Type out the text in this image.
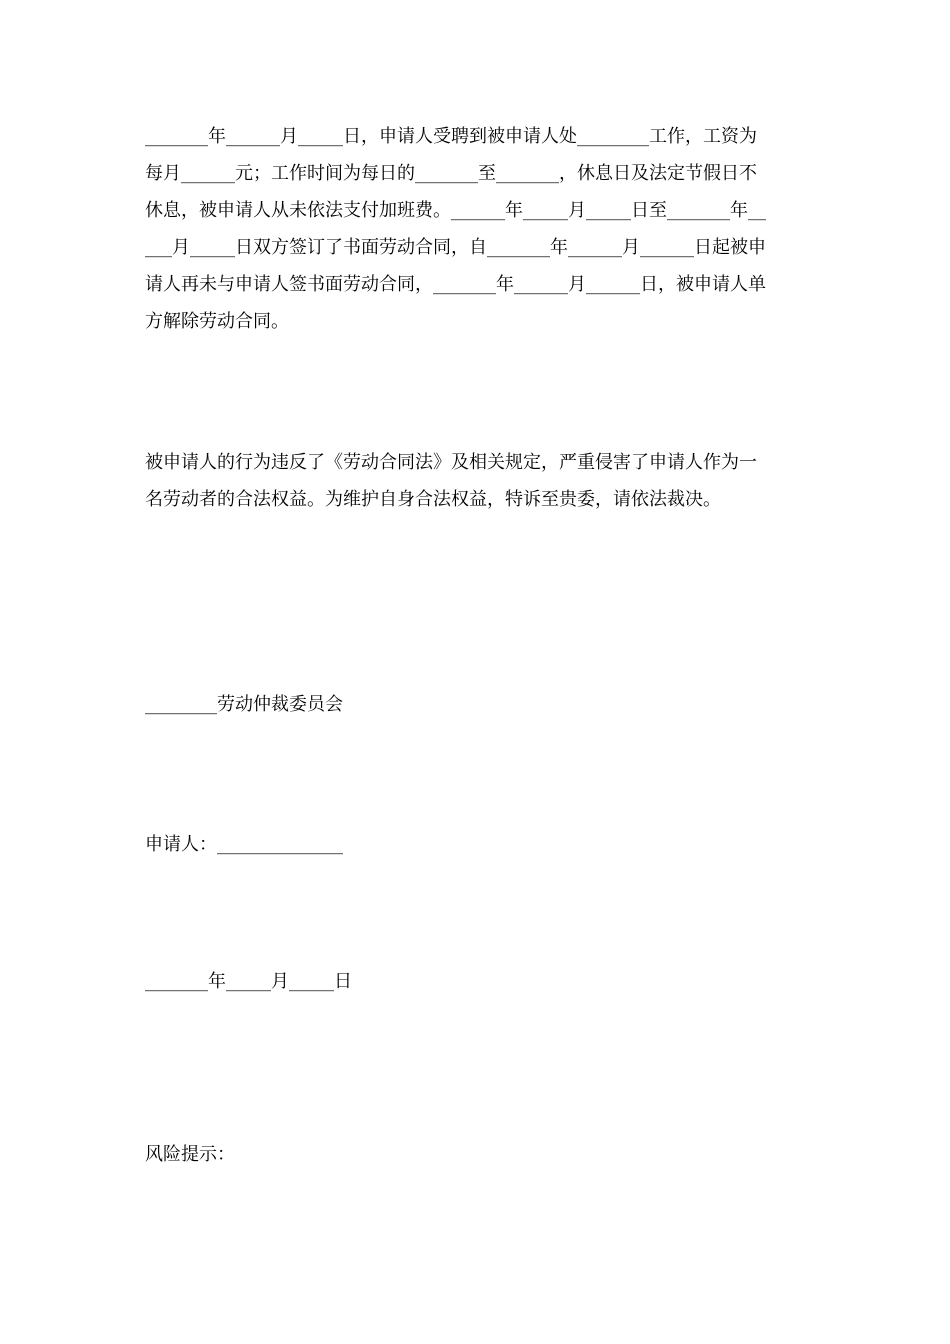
_______年______月_____日，申请人受聘到被申请人处________工作，工资为
每月______元；工作时间为每日的_______至_______，休息日及法定节假日不
休息，被申请人从未依法支付加班费。______年_____月_____日至_______年__
___月_____日双方签订了书面劳动合同，自_______年______月______日起被申
请人再未与申请人签书面劳动合同，_______年______月______日，被申请人单
方解除劳动合同。
被申请人的行为违反了《劳动合同法》及相关规定，严重侵害了申请人作为一
名劳动者的合法权益。为维护自身合法权益，特诉至贵委，请依法裁决。
________劳动仲裁委员会
申请人：______________
_______年_____月_____日
风险提示：
